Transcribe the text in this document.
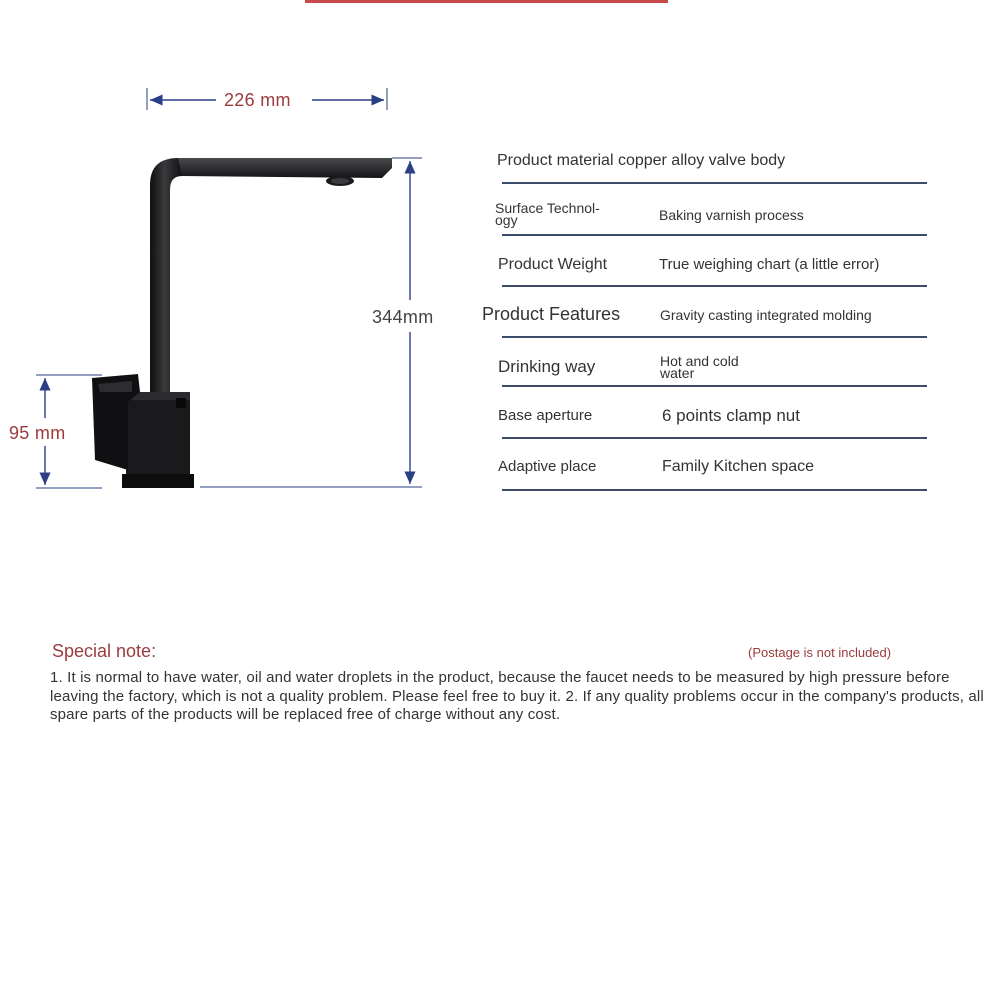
226 mm
344mm
95 mm
Product material copper alloy valve body
Surface Technol-
ogy	Baking varnish process
Product Weight	True weighing chart (a little error)
Product Features	Gravity casting integrated molding
Drinking way	Hot and cold
water
Base aperture	6 points clamp nut
Adaptive place	Family Kitchen space
Special note:	(Postage is not included)
1. It is normal to have water, oil and water droplets in the product, because the faucet needs to be measured by high pressure before leaving the factory, which is not a quality problem. Please feel free to buy it. 2. If any quality problems occur in the company's products, all spare parts of the products will be replaced free of charge without any cost.
